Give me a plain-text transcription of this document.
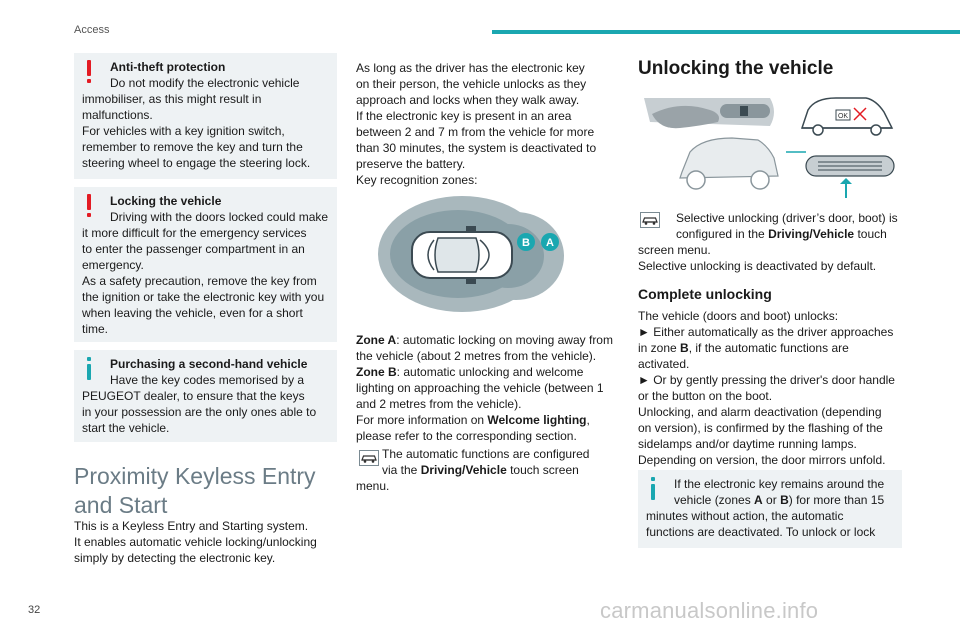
Access
Anti-theft protection
Do not modify the electronic vehicle
immobiliser, as this might result in
malfunctions.
For vehicles with a key ignition switch,
remember to remove the key and turn the
steering wheel to engage the steering lock.
Locking the vehicle
Driving with the doors locked could make
it more difficult for the emergency services
to enter the passenger compartment in an
emergency.
As a safety precaution, remove the key from
the ignition or take the electronic key with you
when leaving the vehicle, even for a short
time.
Purchasing a second-hand vehicle
Have the key codes memorised by a
PEUGEOT dealer, to ensure that the keys
in your possession are the only ones able to
start the vehicle.
Proximity Keyless Entry and Start
This is a Keyless Entry and Starting system.
It enables automatic vehicle locking/unlocking
simply by detecting the electronic key.
As long as the driver has the electronic key
on their person, the vehicle unlocks as they
approach and locks when they walk away.
If the electronic key is present in an area
between 2 and 7 m from the vehicle for more
than 30 minutes, the system is deactivated to
preserve the battery.
Key recognition zones:
B A
Zone A: automatic locking on moving away from
the vehicle (about 2 metres from the vehicle).
Zone B: automatic unlocking and welcome
lighting on approaching the vehicle (between 1
and 2 metres from the vehicle).
For more information on Welcome lighting,
please refer to the corresponding section.
The automatic functions are configured
via the Driving/Vehicle touch screen
menu.
Unlocking the vehicle
OK
Selective unlocking (driver’s door, boot) is
configured in the Driving/Vehicle touch
screen menu.
Selective unlocking is deactivated by default.
Complete unlocking
The vehicle (doors and boot) unlocks:
► Either automatically as the driver approaches
in zone B, if the automatic functions are
activated.
► Or by gently pressing the driver's door handle
or the button on the boot.
Unlocking, and alarm deactivation (depending
on version), is confirmed by the flashing of the
sidelamps and/or daytime running lamps.
Depending on version, the door mirrors unfold.
If the electronic key remains around the
vehicle (zones A or B) for more than 15
minutes without action, the automatic
functions are deactivated. To unlock or lock
32	carmanualsonline.info
